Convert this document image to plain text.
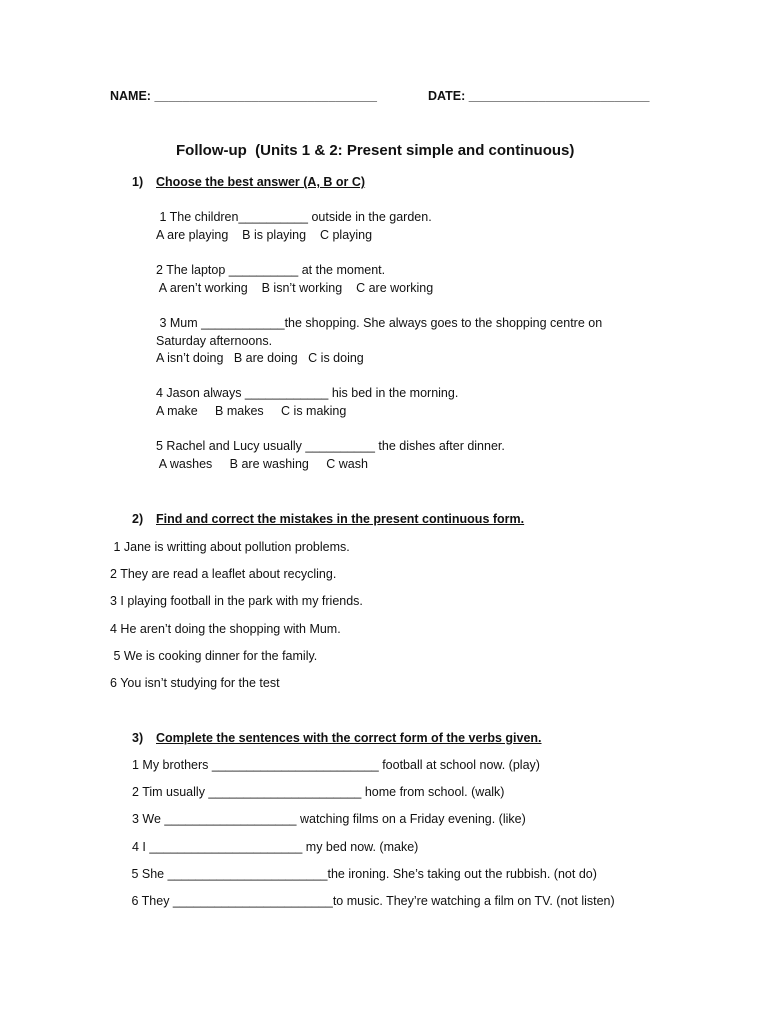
NAME: ________________________________	DATE: __________________________
Follow-up  (Units 1 & 2: Present simple and continuous)
1) Choose the best answer (A, B or C)
1 The children__________ outside in the garden.
A are playing    B is playing    C playing
2 The laptop __________ at the moment.
A aren’t working    B isn’t working    C are working
3 Mum ____________the shopping. She always goes to the shopping centre on
Saturday afternoons.
A isn’t doing   B are doing   C is doing
4 Jason always ____________ his bed in the morning.
A make     B makes     C is making
5 Rachel and Lucy usually __________ the dishes after dinner.
A washes     B are washing     C wash
2) Find and correct the mistakes in the present continuous form.
1 Jane is writting about pollution problems.
2 They are read a leaflet about recycling.
3 I playing football in the park with my friends.
4 He aren’t doing the shopping with Mum.
5 We is cooking dinner for the family.
6 You isn’t studying for the test
3) Complete the sentences with the correct form of the verbs given.
1 My brothers ________________________ football at school now. (play)
2 Tim usually ______________________ home from school. (walk)
3 We ___________________ watching films on a Friday evening. (like)
4 I ______________________ my bed now. (make)
5 She _______________________the ironing. She’s taking out the rubbish. (not do)
6 They _______________________to music. They’re watching a film on TV. (not listen)
